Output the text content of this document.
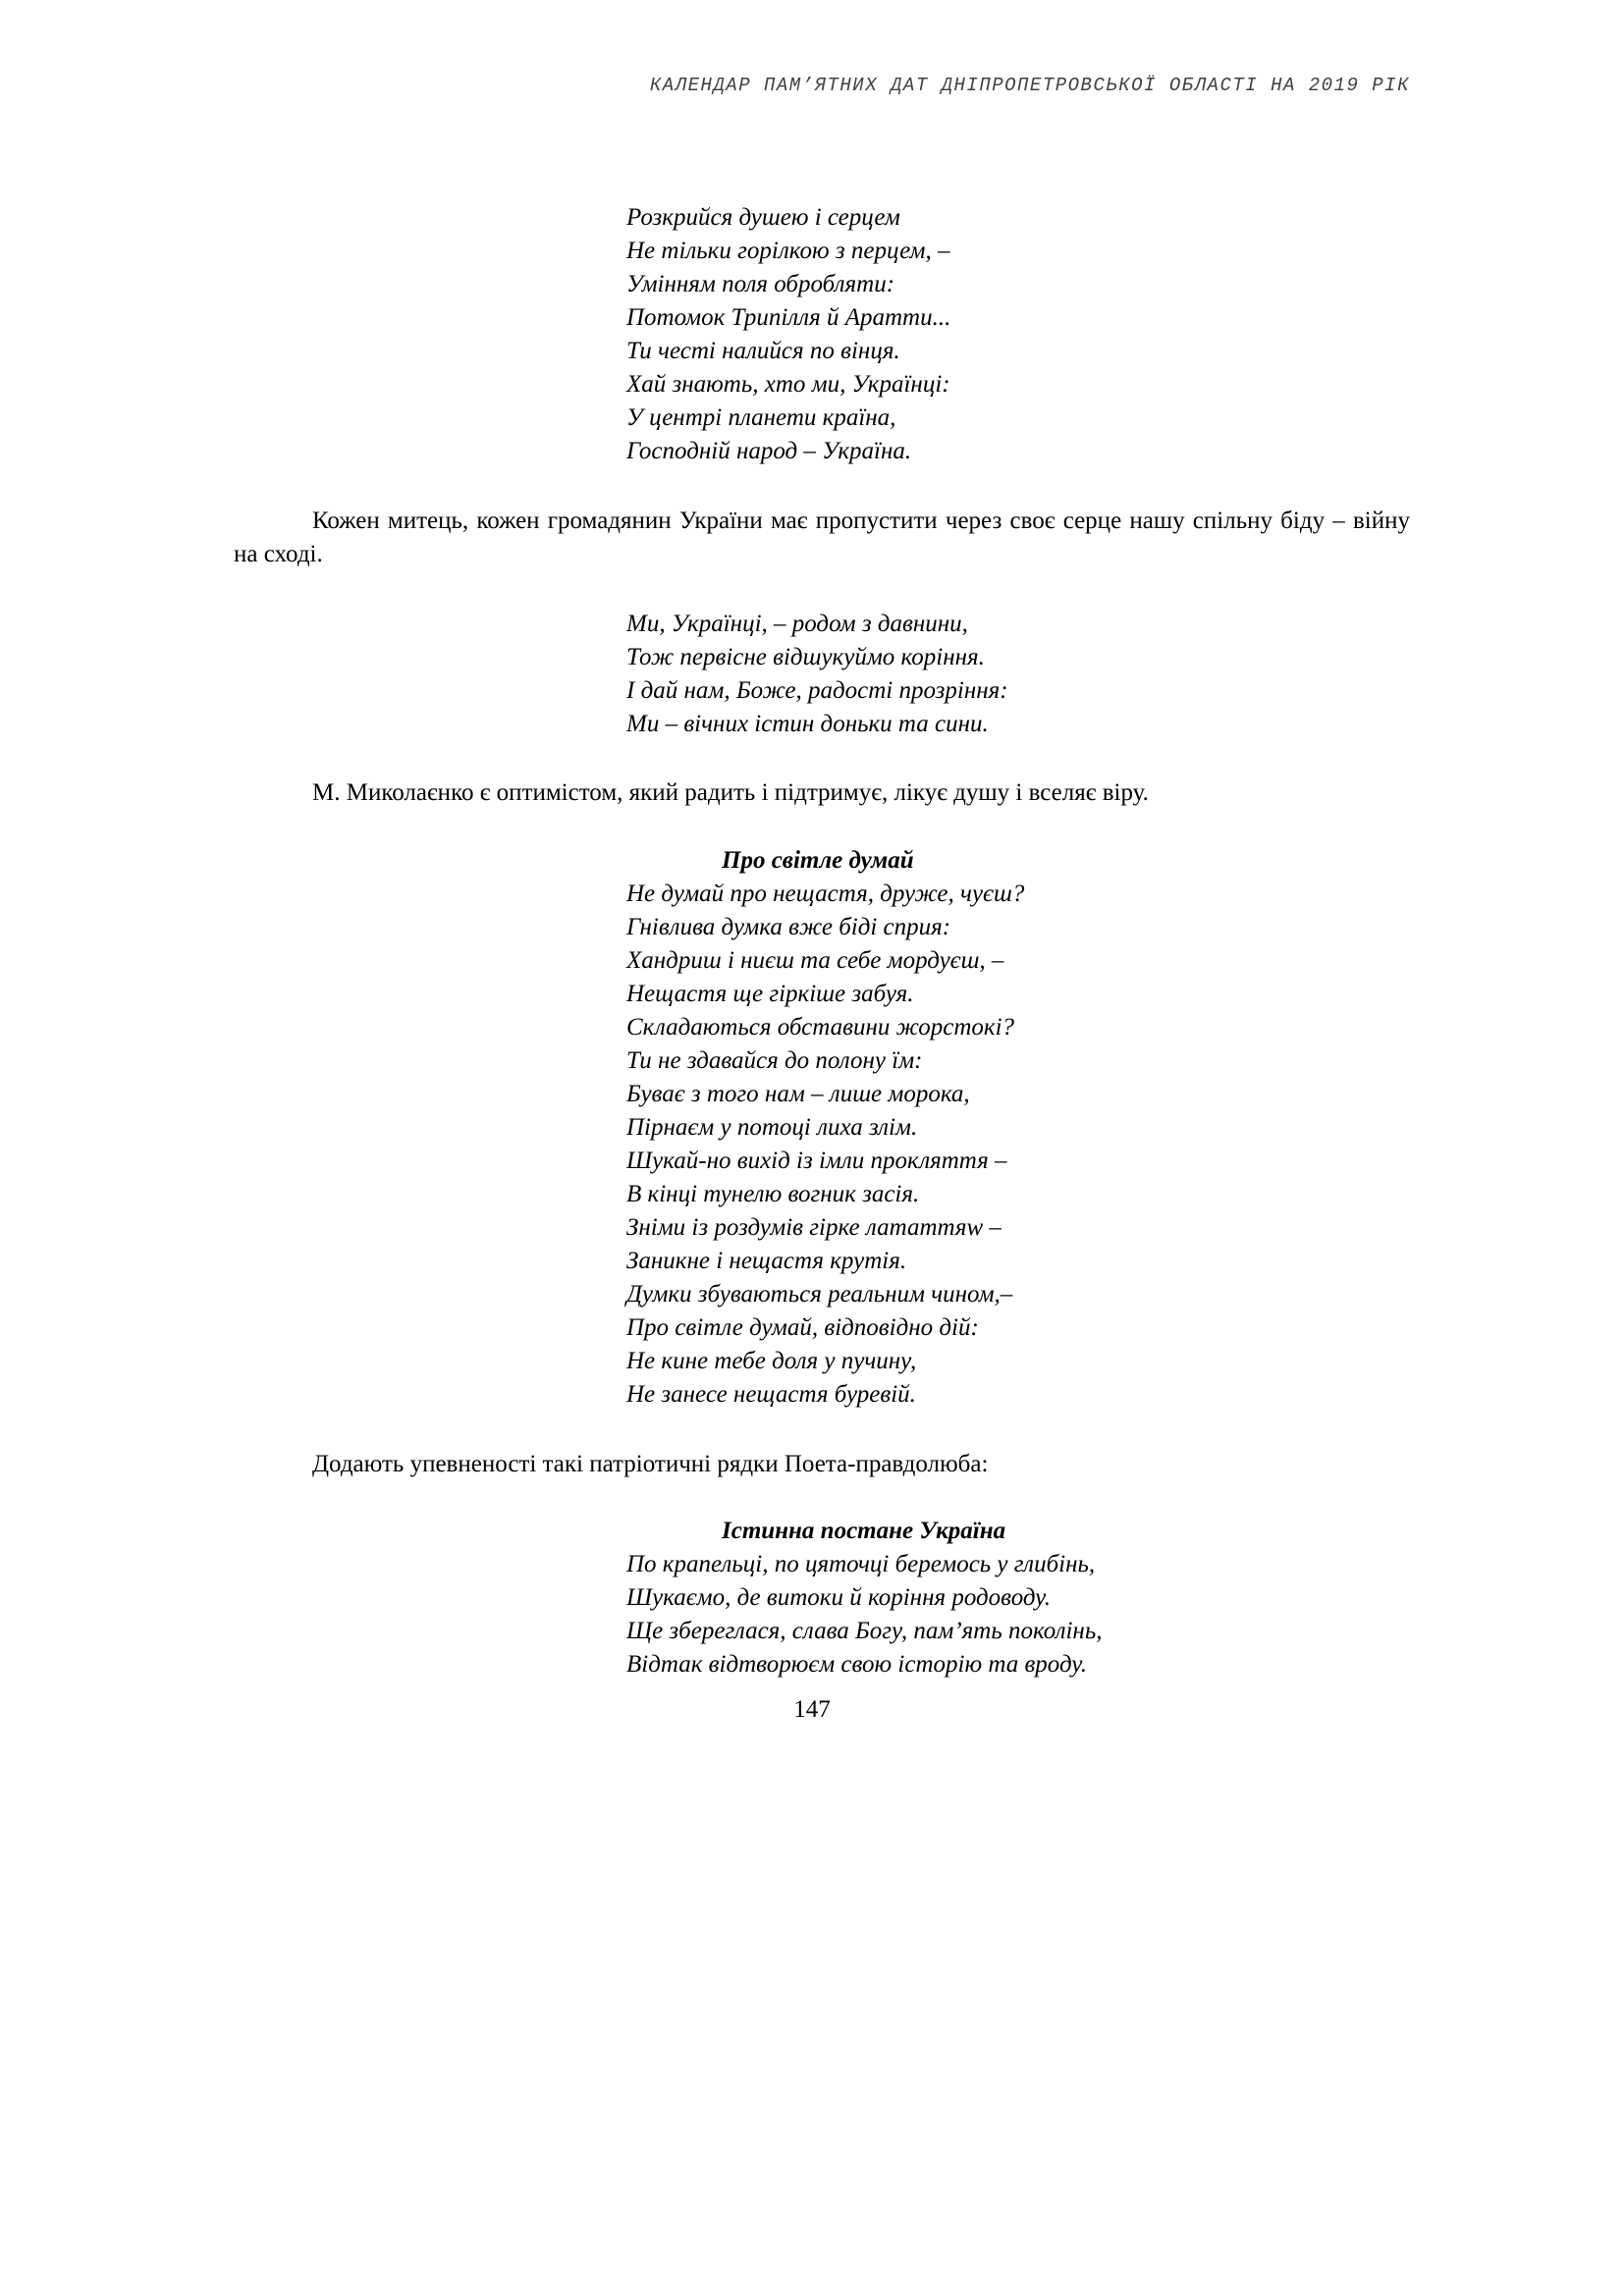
КАЛЕНДАР ПАМ’ЯТНИХ ДАТ ДНІПРОПЕТРОВСЬКОЇ ОБЛАСТІ НА 2019 РІК
Розкрийся душею і серцем
Не тільки горілкою з перцем, –
Умінням поля обробляти:
Потомок Трипілля й Аратти...
Ти честі налийся по вінця.
Хай знають, хто ми, Українці:
У центрі планети країна,
Господній народ – Україна.

Кожен митець, кожен громадянин України має пропустити через своє серце нашу спільну біду – війну на сході.

Ми, Українці, – родом з давнини,
Тож первісне відшукуймо коріння.
І дай нам, Боже, радості прозріння:
Ми – вічних істин доньки та сини.

М. Миколаєнко є оптимістом, який радить і підтримує, лікує душу і вселяє віру.

Про світле думай
Не думай про нещастя, друже, чуєш?
Гнівлива думка вже біді сприя:
Хандриш і ниєш та себе мордуєш, –
Нещастя ще гіркіше забуя.
Складаються обставини жорстокі?
Ти не здавайся до полону їм:
Буває з того нам – лише морока,
Пірнаєм у потоці лиха злім.
Шукай-но вихід із імли прокляття –
В кінці тунелю вогник засія.
Зніми із роздумів гірке лататтяw –
Заникне і нещастя крутія.
Думки збуваються реальним чином,–
Про світле думай, відповідно дій:
Не кине тебе доля у пучину,
Не занесе нещастя буревій.

Додають упевненості такі патріотичні рядки Поета-правдолюба:

Істинна постане Україна
По крапельці, по цяточці беремось у глибінь,
Шукаємо, де витоки й коріння родоводу.
Ще збереглася, слава Богу, пам’ять поколінь,
Відтак відтворюєм свою історію та вроду.
147
